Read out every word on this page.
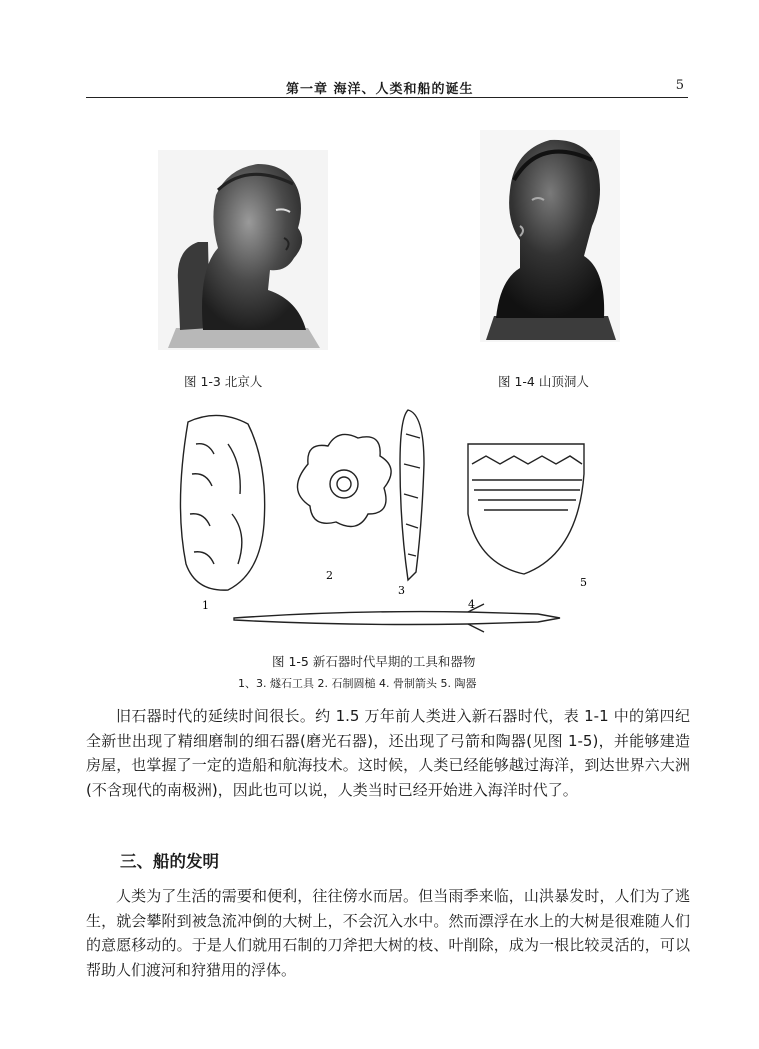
第一章 海洋、人类和船的诞生	5
图 1-3 北京人	图 1-4 山顶洞人
1
2
3
4
5
图 1-5 新石器时代早期的工具和器物
1、3. 燧石工具 2. 石制圆槌 4. 骨制箭头 5. 陶器

旧石器时代的延续时间很长。约 1.5 万年前人类进入新石器时代，表 1-1 中的第四纪全新世出现了精细磨制的细石器(磨光石器)，还出现了弓箭和陶器(见图 1-5)，并能够建造房屋，也掌握了一定的造船和航海技术。这时候，人类已经能够越过海洋，到达世界六大洲(不含现代的南极洲)，因此也可以说，人类当时已经开始进入海洋时代了。

三、船的发明

人类为了生活的需要和便利，往往傍水而居。但当雨季来临，山洪暴发时，人们为了逃生，就会攀附到被急流冲倒的大树上，不会沉入水中。然而漂浮在水上的大树是很难随人们的意愿移动的。于是人们就用石制的刀斧把大树的枝、叶削除，成为一根比较灵活的，可以帮助人们渡河和狩猎用的浮体。
